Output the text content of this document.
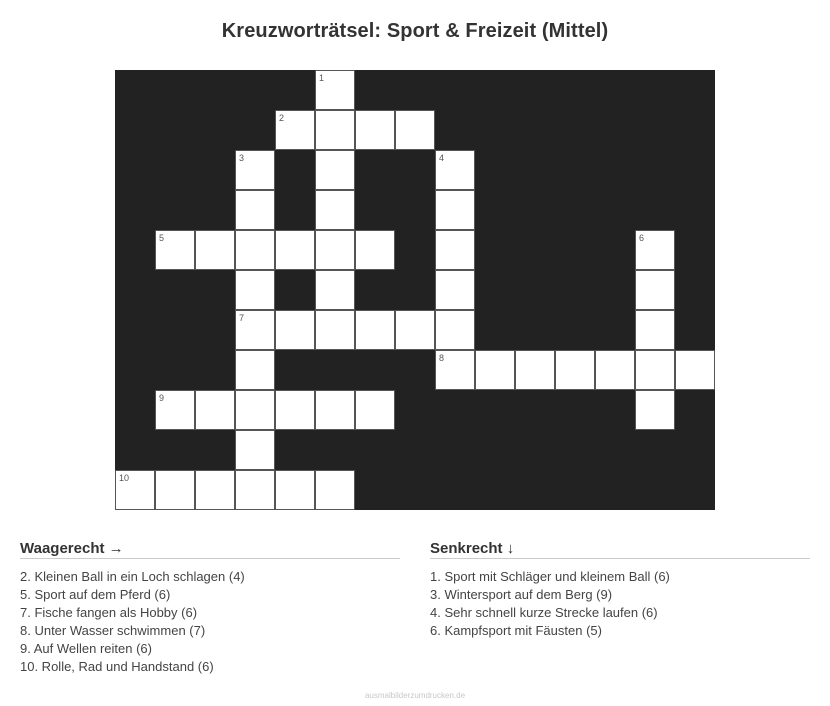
Kreuzworträtsel: Sport & Freizeit (Mittel)
1
2
3	4
5	6
7
8
9
10
Waagerecht →
2. Kleinen Ball in ein Loch schlagen (4)
5. Sport auf dem Pferd (6)
7. Fische fangen als Hobby (6)
8. Unter Wasser schwimmen (7)
9. Auf Wellen reiten (6)
10. Rolle, Rad und Handstand (6)
Senkrecht ↓
1. Sport mit Schläger und kleinem Ball (6)
3. Wintersport auf dem Berg (9)
4. Sehr schnell kurze Strecke laufen (6)
6. Kampfsport mit Fäusten (5)
ausmalbilderzumdrucken.de
